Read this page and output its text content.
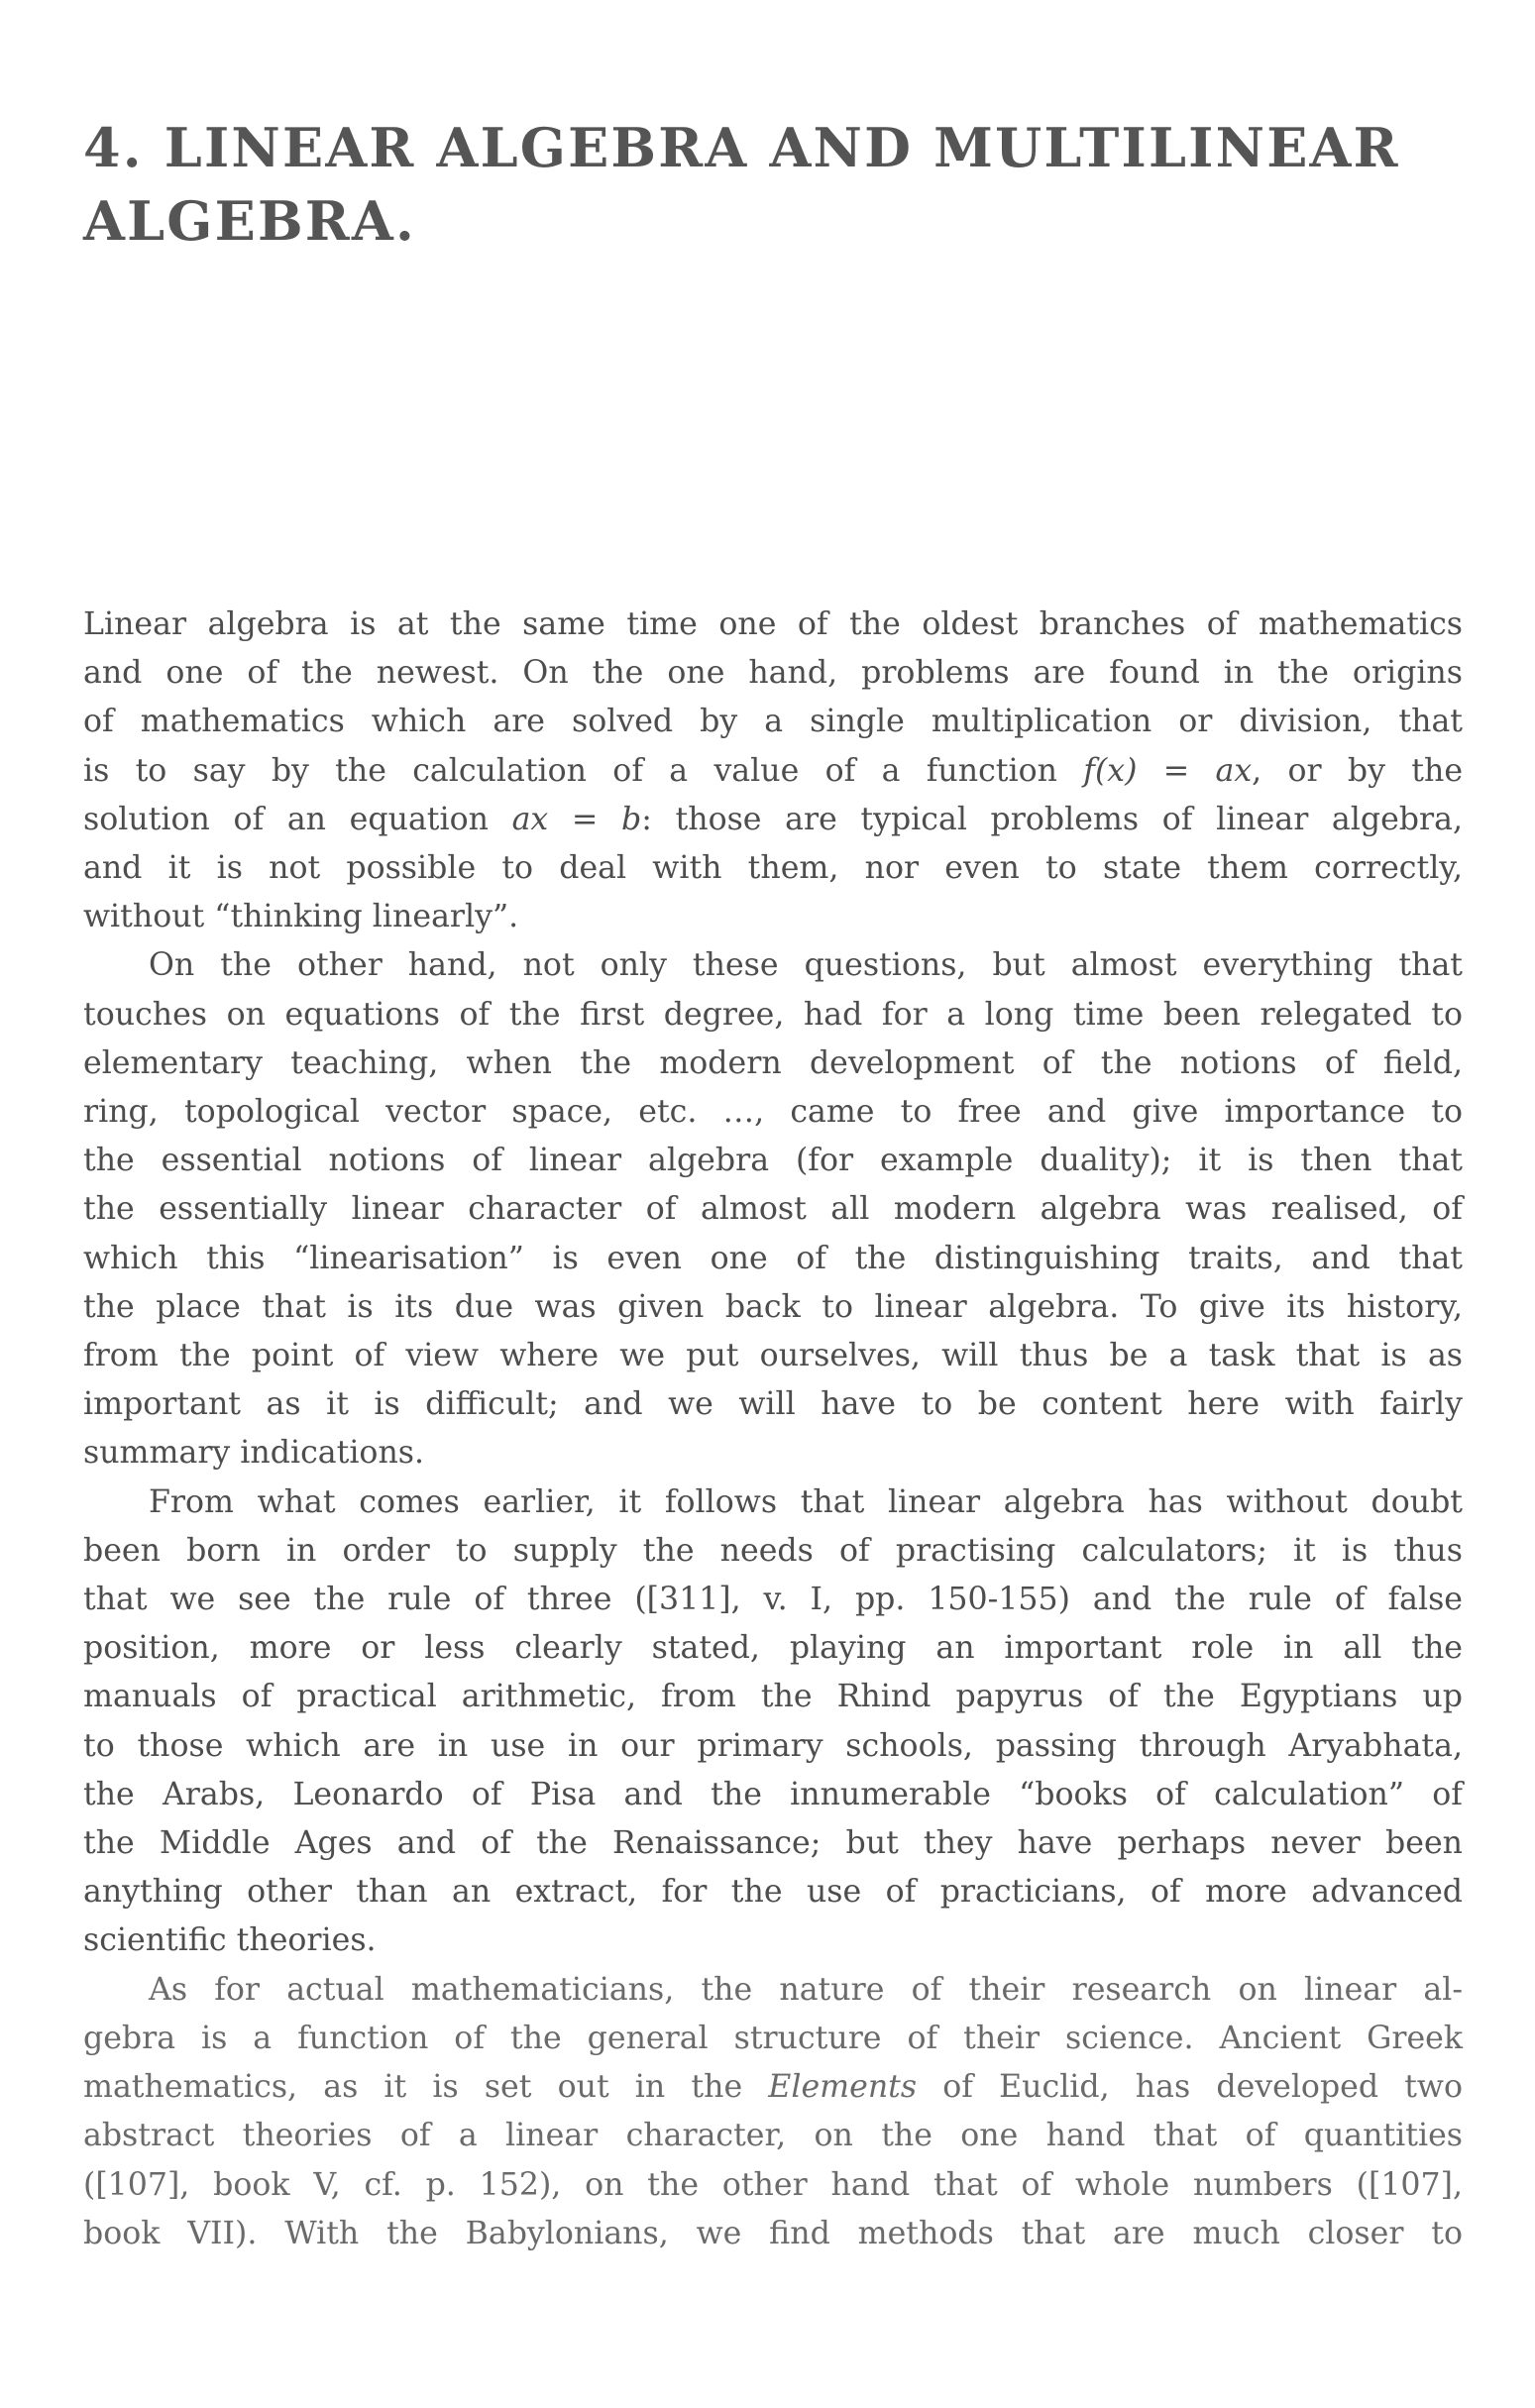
4. LINEAR ALGEBRA AND MULTILINEAR
ALGEBRA.

Linear algebra is at the same time one of the oldest branches of mathematics
and one of the newest. On the one hand, problems are found in the origins
of mathematics which are solved by a single multiplication or division, that
is to say by the calculation of a value of a function f(x) = ax, or by the
solution of an equation ax = b: those are typical problems of linear algebra,
and it is not possible to deal with them, nor even to state them correctly,
without “thinking linearly”.

On the other hand, not only these questions, but almost everything that
touches on equations of the first degree, had for a long time been relegated to
elementary teaching, when the modern development of the notions of field,
ring, topological vector space, etc. …, came to free and give importance to
the essential notions of linear algebra (for example duality); it is then that
the essentially linear character of almost all modern algebra was realised, of
which this “linearisation” is even one of the distinguishing traits, and that
the place that is its due was given back to linear algebra. To give its history,
from the point of view where we put ourselves, will thus be a task that is as
important as it is difficult; and we will have to be content here with fairly
summary indications.

From what comes earlier, it follows that linear algebra has without doubt
been born in order to supply the needs of practising calculators; it is thus
that we see the rule of three ([311], v. I, pp. 150-155) and the rule of false
position, more or less clearly stated, playing an important role in all the
manuals of practical arithmetic, from the Rhind papyrus of the Egyptians up
to those which are in use in our primary schools, passing through Aryabhata,
the Arabs, Leonardo of Pisa and the innumerable “books of calculation” of
the Middle Ages and of the Renaissance; but they have perhaps never been
anything other than an extract, for the use of practicians, of more advanced
scientific theories.

As for actual mathematicians, the nature of their research on linear al-
gebra is a function of the general structure of their science. Ancient Greek
mathematics, as it is set out in the Elements of Euclid, has developed two
abstract theories of a linear character, on the one hand that of quantities
([107], book V, cf. p. 152), on the other hand that of whole numbers ([107],
book VII). With the Babylonians, we find methods that are much closer to
